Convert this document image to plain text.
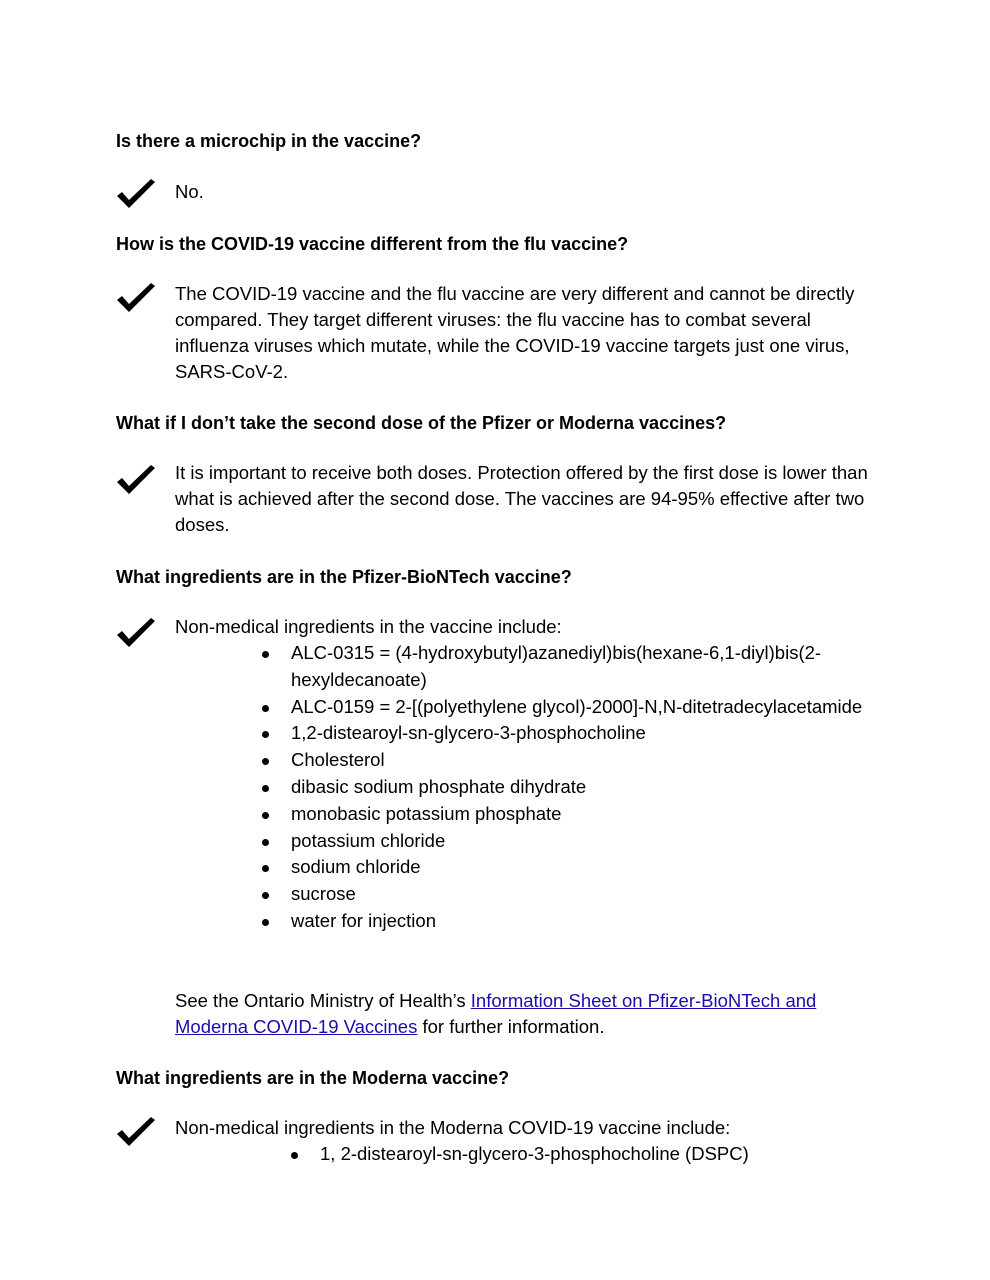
Is there a microchip in the vaccine?

No.

How is the COVID-19 vaccine different from the flu vaccine?

The COVID-19 vaccine and the flu vaccine are very different and cannot be directly compared. They target different viruses: the flu vaccine has to combat several influenza viruses which mutate, while the COVID-19 vaccine targets just one virus, SARS-CoV-2.

What if I don’t take the second dose of the Pfizer or Moderna vaccines?

It is important to receive both doses. Protection offered by the first dose is lower than what is achieved after the second dose. The vaccines are 94-95% effective after two doses.

What ingredients are in the Pfizer-BioNTech vaccine?

Non-medical ingredients in the vaccine include:
ALC-0315 = (4-hydroxybutyl)azanediyl)bis(hexane-6,1-diyl)bis(2-hexyldecanoate)
ALC-0159 = 2-[(polyethylene glycol)-2000]-N,N-ditetradecylacetamide
1,2-distearoyl-sn-glycero-3-phosphocholine
Cholesterol
dibasic sodium phosphate dihydrate
monobasic potassium phosphate
potassium chloride
sodium chloride
sucrose
water for injection

See the Ontario Ministry of Health’s Information Sheet on Pfizer-BioNTech and Moderna COVID-19 Vaccines for further information.

What ingredients are in the Moderna vaccine?

Non-medical ingredients in the Moderna COVID-19 vaccine include:
1, 2-distearoyl-sn-glycero-3-phosphocholine (DSPC)
